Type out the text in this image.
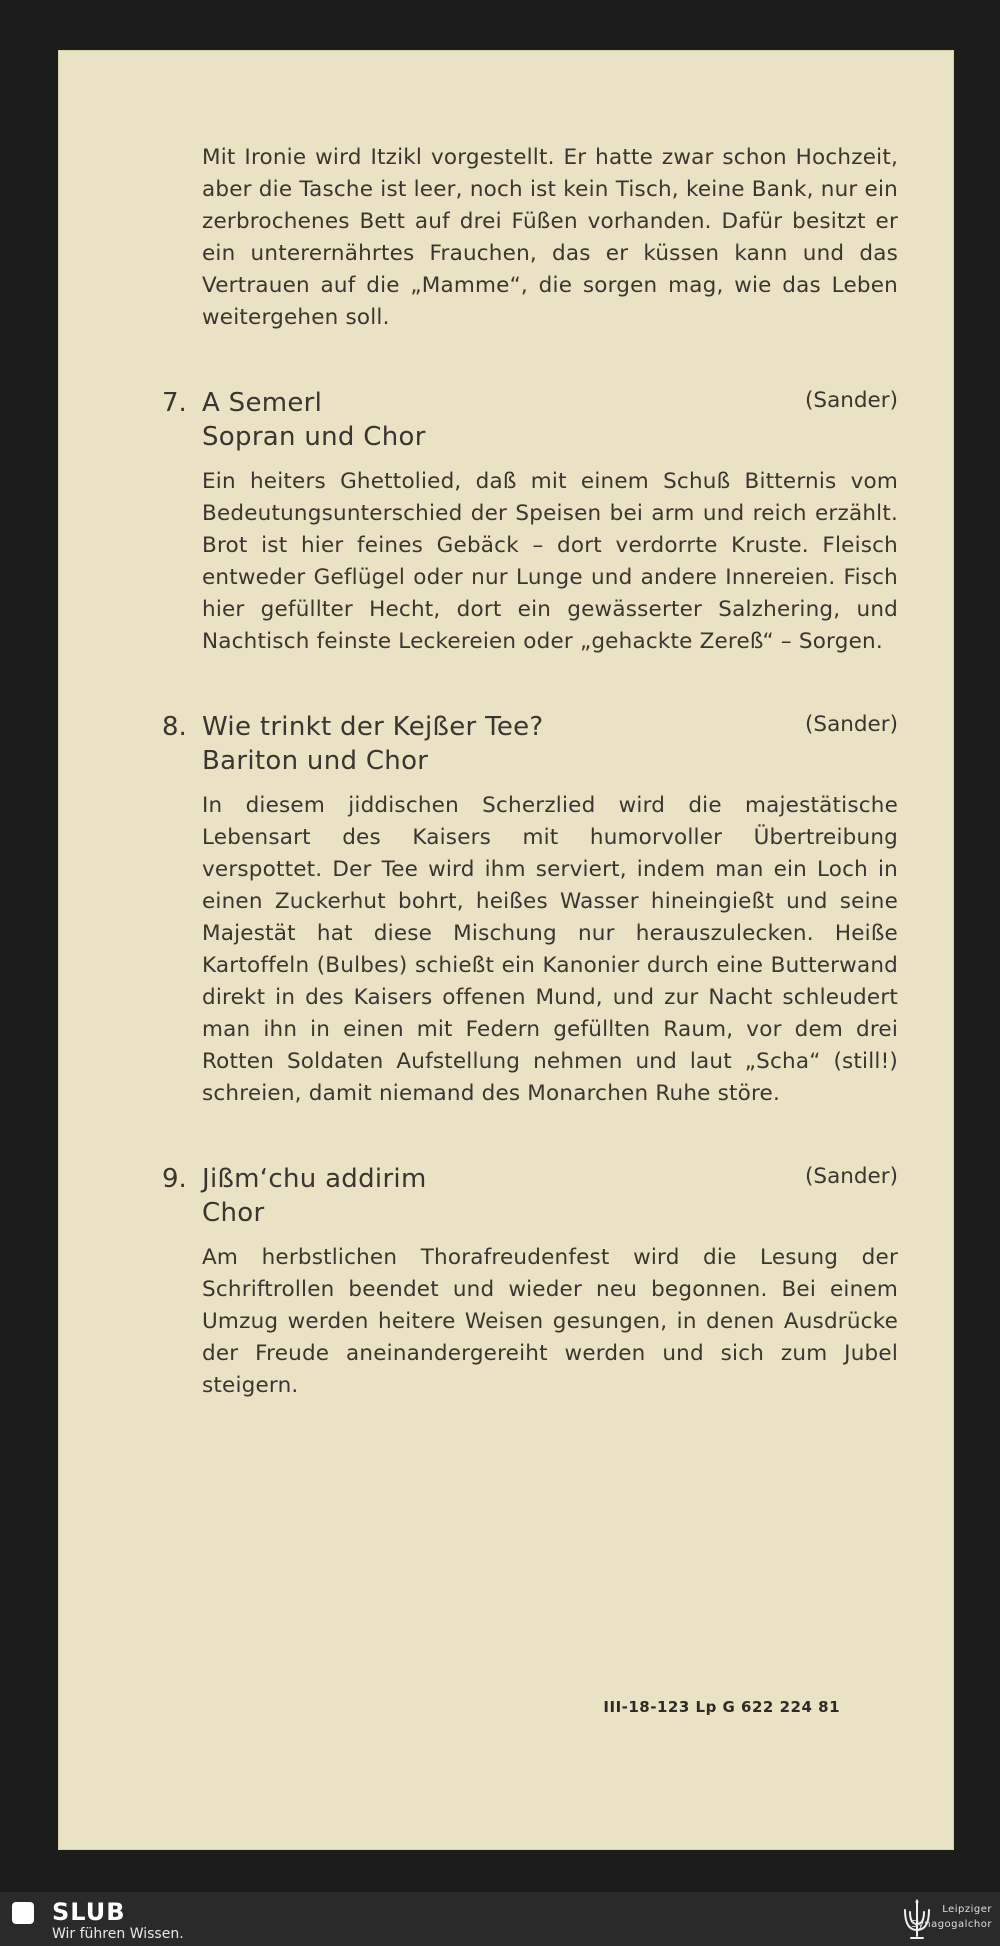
Mit Ironie wird Itzikl vorgestellt. Er hatte zwar schon Hochzeit, aber die Tasche ist leer, noch ist kein Tisch, keine Bank, nur ein zerbrochenes Bett auf drei Füßen vorhanden. Dafür besitzt er ein unterernährtes Frauchen, das er küssen kann und das Vertrauen auf die „Mamme“, die sorgen mag, wie das Leben weitergehen soll.

7. A Semerl
Sopran und Chor
(Sander)

Ein heiters Ghettolied, daß mit einem Schuß Bitternis vom Bedeutungsunterschied der Speisen bei arm und reich erzählt. Brot ist hier feines Gebäck – dort verdorrte Kruste. Fleisch entweder Geflügel oder nur Lunge und andere Innereien. Fisch hier gefüllter Hecht, dort ein gewässerter Salzhering, und Nachtisch feinste Leckereien oder „gehackte Zereß“ – Sorgen.

8. Wie trinkt der Kejßer Tee?
Bariton und Chor
(Sander)

In diesem jiddischen Scherzlied wird die majestätische Lebensart des Kaisers mit humorvoller Übertreibung verspottet. Der Tee wird ihm serviert, indem man ein Loch in einen Zuckerhut bohrt, heißes Wasser hineingießt und seine Majestät hat diese Mischung nur herauszulecken. Heiße Kartoffeln (Bulbes) schießt ein Kanonier durch eine Butterwand direkt in des Kaisers offenen Mund, und zur Nacht schleudert man ihn in einen mit Federn gefüllten Raum, vor dem drei Rotten Soldaten Aufstellung nehmen und laut „Scha“ (still!) schreien, damit niemand des Monarchen Ruhe störe.

9. Jißm‘chu addirim
Chor
(Sander)

Am herbstlichen Thorafreudenfest wird die Lesung der Schriftrollen beendet und wieder neu begonnen. Bei einem Umzug werden heitere Weisen gesungen, in denen Ausdrücke der Freude aneinandergereiht werden und sich zum Jubel steigern.

III-18-123 Lp G 622 224 81
SLUB
Wir führen Wissen.
Leipziger
Synagogalchor
